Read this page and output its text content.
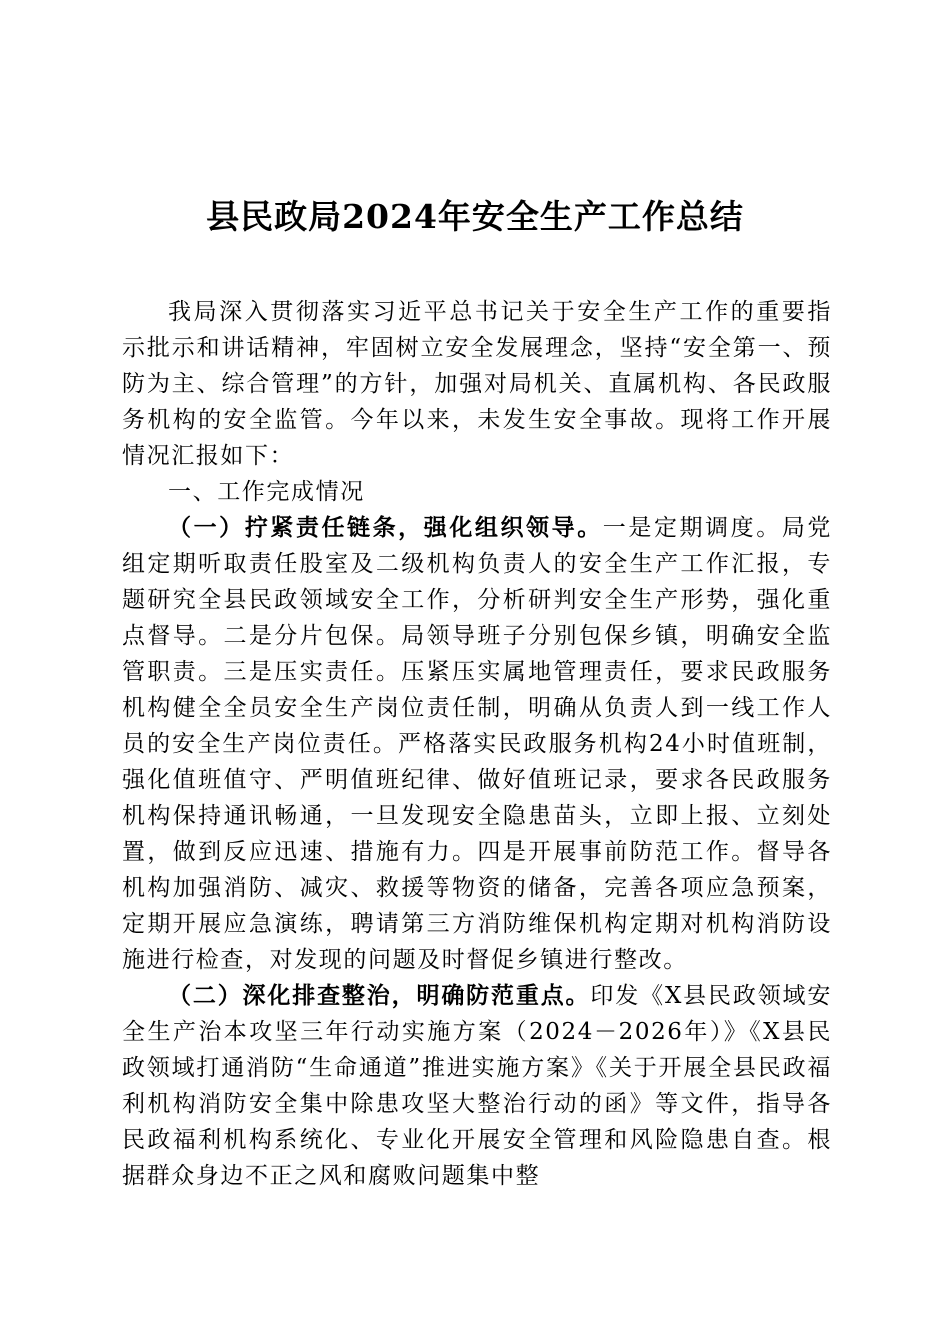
县民政局2024年安全生产工作总结

我局深入贯彻落实习近平总书记关于安全生产工作的重要指示批示和讲话精神，牢固树立安全发展理念，坚持“安全第一、预防为主、综合管理”的方针，加强对局机关、直属机构、各民政服务机构的安全监管。今年以来，未发生安全事故。现将工作开展情况汇报如下：

一、工作完成情况

（一）拧紧责任链条，强化组织领导。一是定期调度。局党组定期听取责任股室及二级机构负责人的安全生产工作汇报，专题研究全县民政领域安全工作，分析研判安全生产形势，强化重点督导。二是分片包保。局领导班子分别包保乡镇，明确安全监管职责。三是压实责任。压紧压实属地管理责任，要求民政服务机构健全全员安全生产岗位责任制，明确从负责人到一线工作人员的安全生产岗位责任。严格落实民政服务机构24小时值班制，强化值班值守、严明值班纪律、做好值班记录，要求各民政服务机构保持通讯畅通，一旦发现安全隐患苗头，立即上报、立刻处置，做到反应迅速、措施有力。四是开展事前防范工作。督导各机构加强消防、减灾、救援等物资的储备，完善各项应急预案，定期开展应急演练，聘请第三方消防维保机构定期对机构消防设施进行检查，对发现的问题及时督促乡镇进行整改。

（二）深化排查整治，明确防范重点。印发《X县民政领域安全生产治本攻坚三年行动实施方案（2024－2026年）》《X县民政领域打通消防“生命通道”推进实施方案》《关于开展全县民政福利机构消防安全集中除患攻坚大整治行动的函》等文件，指导各民政福利机构系统化、专业化开展安全管理和风险隐患自查。根据群众身边不正之风和腐败问题集中整
